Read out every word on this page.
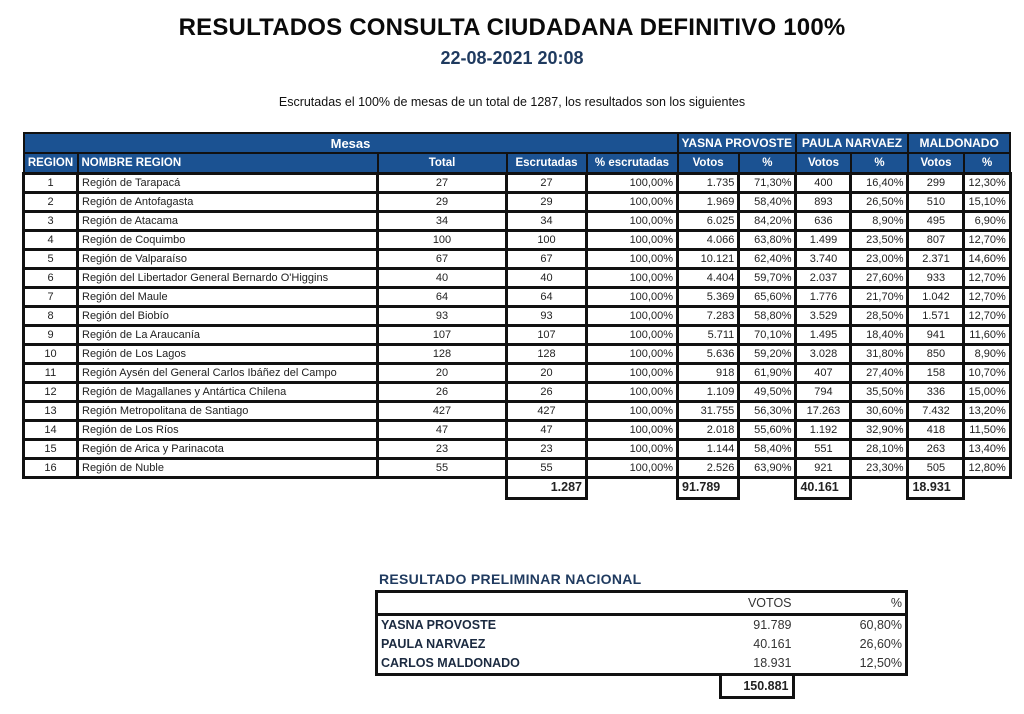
RESULTADOS CONSULTA CIUDADANA DEFINITIVO 100%
22-08-2021 20:08
Escrutadas el 100% de mesas de un total de 1287, los resultados son los siguientes
Mesas					YASNA PROVOSTE		PAULA NARVAEZ		MALDONADO	
REGION	NOMBRE REGION	Total	Escrutadas	% escrutadas	Votos	%	Votos	%	Votos	%
1	Región de Tarapacá	27	27	100,00%	1.735	71,30%	400	16,40%	299	12,30%
2	Región de Antofagasta	29	29	100,00%	1.969	58,40%	893	26,50%	510	15,10%
3	Región de Atacama	34	34	100,00%	6.025	84,20%	636	8,90%	495	6,90%
4	Región de Coquimbo	100	100	100,00%	4.066	63,80%	1.499	23,50%	807	12,70%
5	Región de Valparaíso	67	67	100,00%	10.121	62,40%	3.740	23,00%	2.371	14,60%
6	Región del Libertador General Bernardo O'Higgins	40	40	100,00%	4.404	59,70%	2.037	27,60%	933	12,70%
7	Región del Maule	64	64	100,00%	5.369	65,60%	1.776	21,70%	1.042	12,70%
8	Región del Biobío	93	93	100,00%	7.283	58,80%	3.529	28,50%	1.571	12,70%
9	Región de La Araucanía	107	107	100,00%	5.711	70,10%	1.495	18,40%	941	11,60%
10	Región de Los Lagos	128	128	100,00%	5.636	59,20%	3.028	31,80%	850	8,90%
11	Región Aysén del General Carlos Ibáñez del Campo	20	20	100,00%	918	61,90%	407	27,40%	158	10,70%
12	Región de Magallanes y Antártica Chilena	26	26	100,00%	1.109	49,50%	794	35,50%	336	15,00%
13	Región Metropolitana de Santiago	427	427	100,00%	31.755	56,30%	17.263	30,60%	7.432	13,20%
14	Región de Los Ríos	47	47	100,00%	2.018	55,60%	1.192	32,90%	418	11,50%
15	Región de Arica y Parinacota	23	23	100,00%	1.144	58,40%	551	28,10%	263	13,40%
16	Región de Nuble	55	55	100,00%	2.526	63,90%	921	23,30%	505	12,80%
			1.287		91.789		40.161		18.931	
RESULTADO PRELIMINAR NACIONAL
	VOTOS	%
YASNA PROVOSTE	91.789	60,80%
PAULA NARVAEZ	40.161	26,60%
CARLOS MALDONADO	18.931	12,50%

	150.881	
